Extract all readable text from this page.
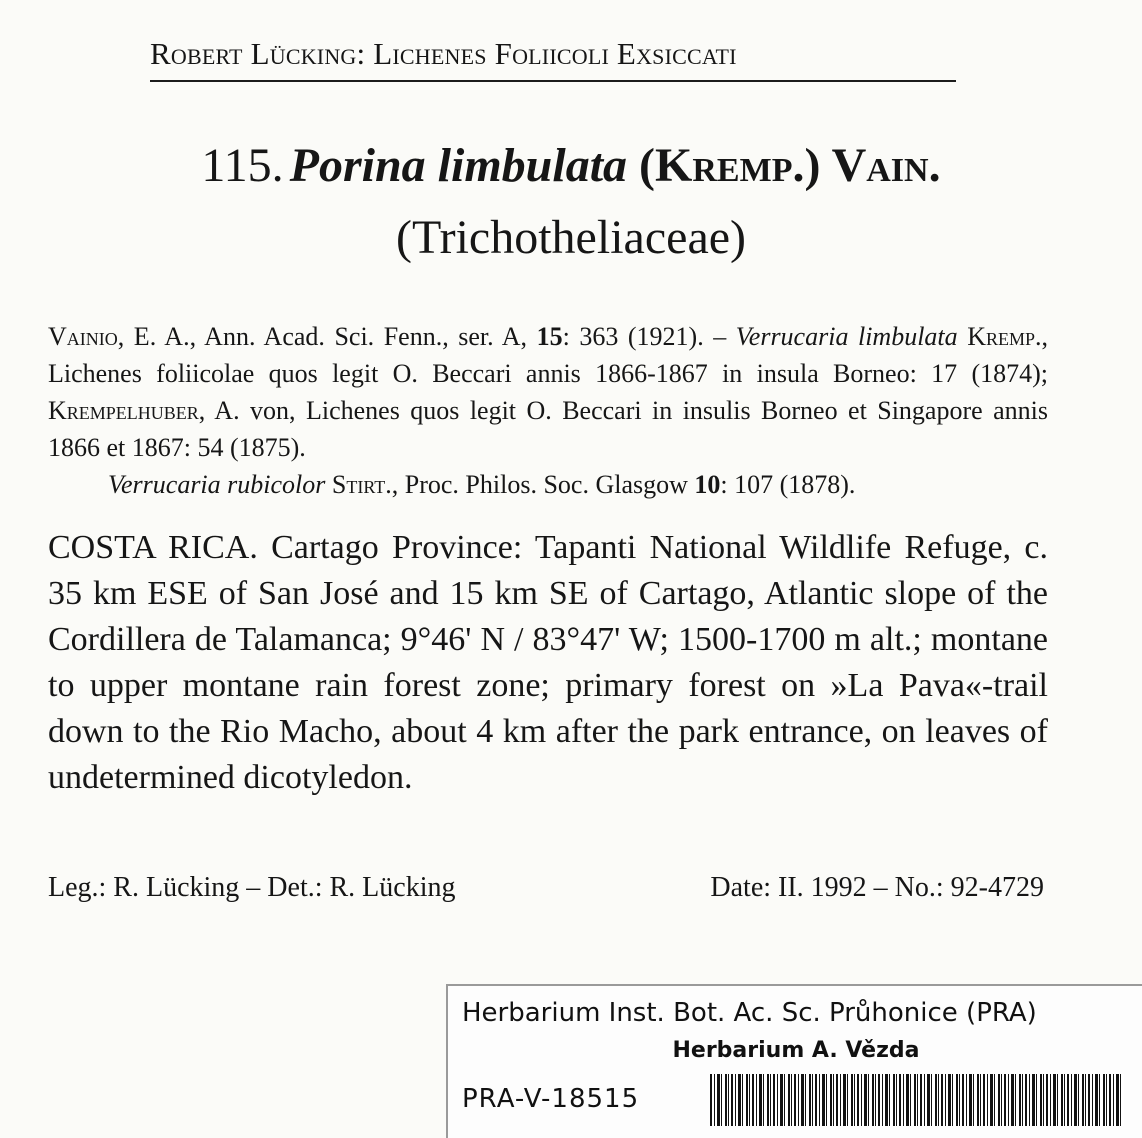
Robert Lücking: Lichenes Foliicoli Exsiccati
115. Porina limbulata (Kremp.) Vain.
(Trichotheliaceae)

Vainio, E. A., Ann. Acad. Sci. Fenn., ser. A, 15: 363 (1921). – Verrucaria limbulata Kremp., Lichenes foliicolae quos legit O. Beccari annis 1866-1867 in insula Borneo: 17 (1874); Krempelhuber, A. von, Lichenes quos legit O. Beccari in insulis Borneo et Singapore annis 1866 et 1867: 54 (1875).

Verrucaria rubicolor Stirt., Proc. Philos. Soc. Glasgow 10: 107 (1878).

COSTA RICA. Cartago Province: Tapanti National Wildlife Refuge, c. 35 km ESE of San José and 15 km SE of Cartago, Atlantic slope of the Cordillera de Talamanca; 9°46' N / 83°47' W; 1500-1700 m alt.; montane to upper montane rain forest zone; primary forest on »La Pava«-trail down to the Rio Macho, about 4 km after the park entrance, on leaves of undetermined dicotyledon.
Leg.: R. Lücking – Det.: R. Lücking	Date: II. 1992 – No.: 92-4729
Herbarium Inst. Bot. Ac. Sc. Průhonice (PRA)
Herbarium A. Vězda
PRA-V-18515
